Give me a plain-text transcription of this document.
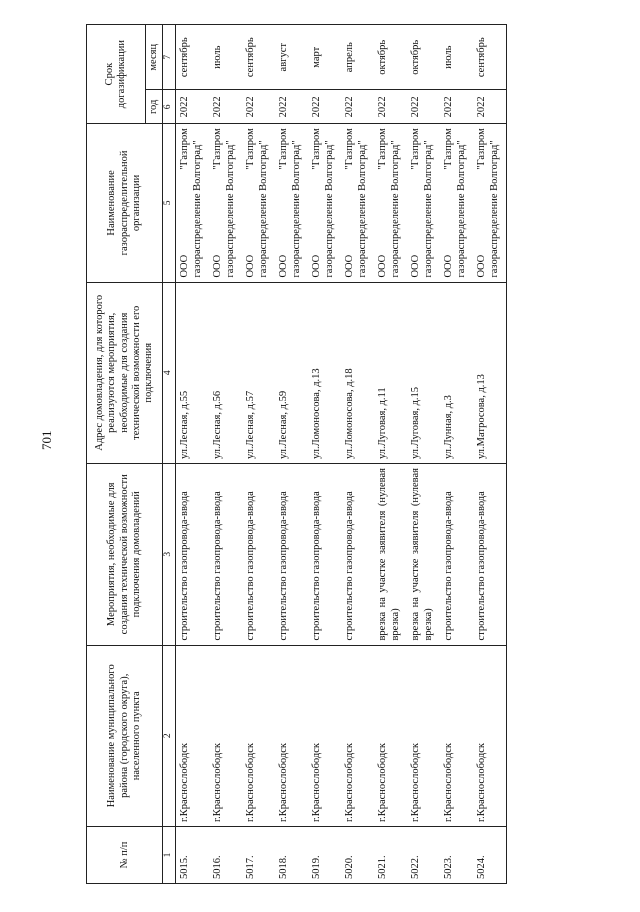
701
№ п/п	Наименование муниципального района (городского округа), населенного пункта	Мероприятия, необходимые для создания технической возможности подключения домовладений	Адрес домовладения, для которого реализуются мероприятия, необходимые для создания технической возможности его подключения	Наименование газораспределительной организации	Срок догазификации	
					год	месяц
1	2	3	4	5	6	7
5015.	г.Краснослободск	строительство газопровода-ввода	ул.Лесная, д.55	ООО "Газпром газораспределение Волгоград"	2022	сентябрь
5016.	г.Краснослободск	строительство газопровода-ввода	ул.Лесная, д.56	ООО "Газпром газораспределение Волгоград"	2022	июль
5017.	г.Краснослободск	строительство газопровода-ввода	ул.Лесная, д.57	ООО "Газпром газораспределение Волгоград"	2022	сентябрь
5018.	г.Краснослободск	строительство газопровода-ввода	ул.Лесная, д.59	ООО "Газпром газораспределение Волгоград"	2022	август
5019.	г.Краснослободск	строительство газопровода-ввода	ул.Ломоносова, д.13	ООО "Газпром газораспределение Волгоград"	2022	март
5020.	г.Краснослободск	строительство газопровода-ввода	ул.Ломоносова, д.18	ООО "Газпром газораспределение Волгоград"	2022	апрель
5021.	г.Краснослободск	врезка на участке заявителя (нулевая врезка)	ул.Луговая, д.11	ООО "Газпром газораспределение Волгоград"	2022	октябрь
5022.	г.Краснослободск	врезка на участке заявителя (нулевая врезка)	ул.Луговая, д.15	ООО "Газпром газораспределение Волгоград"	2022	октябрь
5023.	г.Краснослободск	строительство газопровода-ввода	ул.Лунная, д.3	ООО "Газпром газораспределение Волгоград"	2022	июль
5024.	г.Краснослободск	строительство газопровода-ввода	ул.Матросова, д.13	ООО "Газпром газораспределение Волгоград"	2022	сентябрь
